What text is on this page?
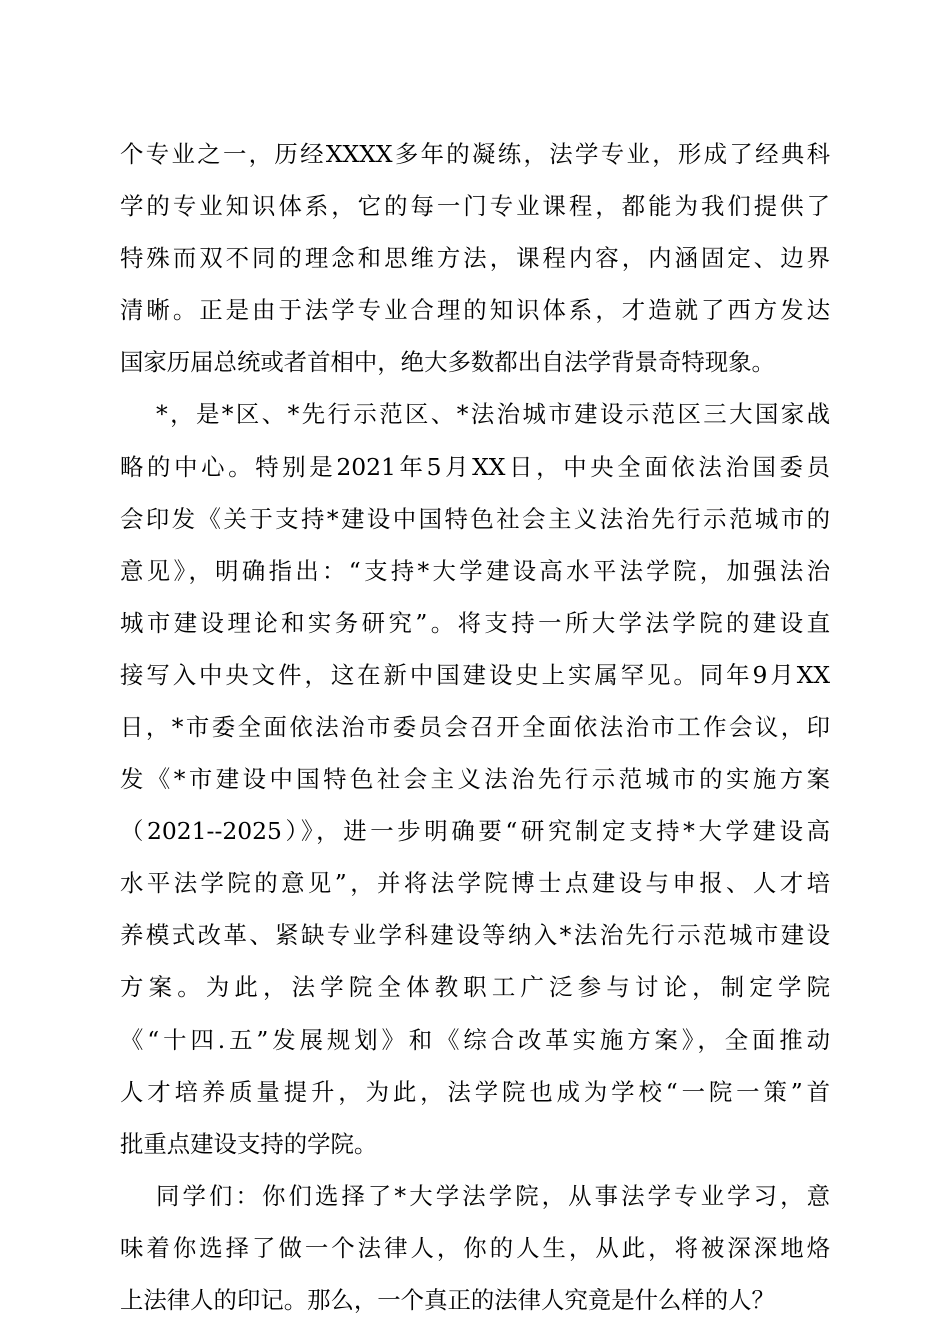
个专业之一，历经XXXX多年的凝练，法学专业，形成了经典科
学的专业知识体系，它的每一门专业课程，都能为我们提供了
特殊而双不同的理念和思维方法，课程内容，内涵固定、边界
清晰。正是由于法学专业合理的知识体系，才造就了西方发达
国家历届总统或者首相中，绝大多数都出自法学背景奇特现象。
*，是*区、*先行示范区、*法治城市建设示范区三大国家战
略的中心。特别是2021年5月XX日，中央全面依法治国委员
会印发《关于支持*建设中国特色社会主义法治先行示范城市的
意见》，明确指出：“支持*大学建设高水平法学院，加强法治
城市建设理论和实务研究”。将支持一所大学法学院的建设直
接写入中央文件，这在新中国建设史上实属罕见。同年9月XX
日，*市委全面依法治市委员会召开全面依法治市工作会议，印
发《*市建设中国特色社会主义法治先行示范城市的实施方案
（2021--2025）》，进一步明确要“研究制定支持*大学建设高
水平法学院的意见”，并将法学院博士点建设与申报、人才培
养模式改革、紧缺专业学科建设等纳入*法治先行示范城市建设
方案。为此，法学院全体教职工广泛参与讨论，制定学院
《“十四.五”发展规划》和《综合改革实施方案》，全面推动
人才培养质量提升，为此，法学院也成为学校“一院一策”首
批重点建设支持的学院。
同学们：你们选择了*大学法学院，从事法学专业学习，意
味着你选择了做一个法律人，你的人生，从此，将被深深地烙
上法律人的印记。那么，一个真正的法律人究竟是什么样的人？
